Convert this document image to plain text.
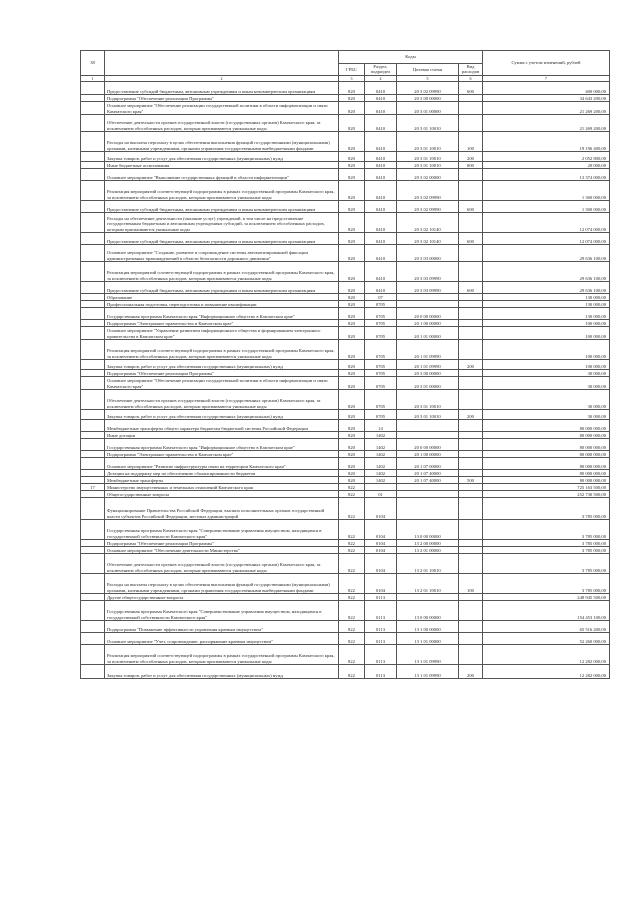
38		Коды				Сумма с учетом изменений, рублей
		ГРБС	Раздел, подраздел	Целевая статья	Вид расходов	
1	2	3	4	5	6	7
	Предоставление субсидий бюджетным, автономным учреждениям и иным некоммерческим организациям	820	0410	20 3 02 09990	600	400 000,00
	Подпрограмма "Обеспечение реализации Программы"	820	0410	20 3 00 00000		34 643 200,00
	Основное мероприятие "Обеспечение реализации государственной политики в области информатизации и связи Камчатского края"	820	0410	20 3 01 00000		21 269 200,00
	Обеспечение деятельности органов государственной власти (государственных органов) Камчатского края, за исключением обособленных расходов, которым присваиваются уникальные коды	820	0410	20 3 01 10010		21 269 200,00
	Расходы на выплаты персоналу в целях обеспечения выполнения функций государственными (муниципальными) органами, казенными учреждениями, органами управления государственными внебюджетными фондами	820	0410	20 3 01 10010	100	19 196 400,00
	Закупка товаров, работ и услуг для обеспечения государственных (муниципальных) нужд	820	0410	20 3 01 10010	200	2 052 800,00
	Иные бюджетные ассигнования	820	0410	20 3 01 10010	800	20 000,00
	Основное мероприятие "Выполнение государственных функций в области информатизации"	820	0410	20 3 02 00000		13 374 000,00
	Реализация мероприятий соответствующей подпрограммы в рамках государственной программы Камчатского края, за исключением обособленных расходов, которым присваиваются уникальные коды	820	0410	20 3 02 09990		1 300 000,00
	Предоставление субсидий бюджетным, автономным учреждениям и иным некоммерческим организациям	820	0410	20 3 02 09990	600	1 300 000,00
	Расходы на обеспечение деятельности (оказание услуг) учреждений, в том числе на предоставление государственным бюджетным и автономным учреждениям субсидий, за исключением обособленных расходов, которым присваиваются уникальные коды	820	0410	20 3 02 10140		12 074 000,00
	Предоставление субсидий бюджетным, автономным учреждениям и иным некоммерческим организациям	820	0410	20 3 02 10140	600	12 074 000,00
	Основное мероприятие "Создание, развитие и сопровождение системы автоматизированной фиксации административных правонарушений в области безопасности дорожного движения"	820	0410	20 3 03 00000		29 636 100,00
	Реализация мероприятий соответствующей подпрограммы в рамках государственной программы Камчатского края, за исключением обособленных расходов, которым присваиваются уникальные коды	820	0410	20 3 03 09990		29 636 100,00
	Предоставление субсидий бюджетным, автономным учреждениям и иным некоммерческим организациям	820	0410	20 3 03 09990	600	29 636 100,00
	Образование	820	07			130 000,00
	Профессиональная подготовка, переподготовка и повышение квалификации	820	0705			130 000,00
	Государственная программа Камчатского края "Информационное общество в Камчатском крае"	820	0705	20 0 00 00000		130 000,00
	Подпрограмма "Электронное правительство в Камчатском крае"	820	0705	20 1 00 00000		100 000,00
	Основное мероприятие "Управление развитием информационного общества и формированием электронного правительства в Камчатском крае"	820	0705	20 1 01 00000		100 000,00
	Реализация мероприятий соответствующей подпрограммы в рамках государственной программы Камчатского края, за исключением обособленных расходов, которым присваиваются уникальные коды	820	0705	20 1 01 09990		100 000,00
	Закупка товаров, работ и услуг для обеспечения государственных (муниципальных) нужд	820	0705	20 1 01 09990	200	100 000,00
	Подпрограмма "Обеспечение реализации Программы"	820	0705	20 3 00 00000		30 000,00
	Основное мероприятие "Обеспечение реализации государственной политики в области информатизации и связи Камчатского края"	820	0705	20 3 01 00000		30 000,00
	Обеспечение деятельности органов государственной власти (государственных органов) Камчатского края, за исключением обособленных расходов, которым присваиваются уникальные коды	820	0705	20 3 01 10010		30 000,00
	Закупка товаров, работ и услуг для обеспечения государственных (муниципальных) нужд	820	0705	20 3 01 10010	200	30 000,00
	Межбюджетные трансферты общего характера бюджетам бюджетной системы Российской Федерации	820	14			80 000 000,00
	Иные дотации	820	1402			80 000 000,00
	Государственная программа Камчатского края "Информационное общество в Камчатском крае"	820	1402	20 0 00 00000		80 000 000,00
	Подпрограмма "Электронное правительство в Камчатском крае"	820	1402	20 1 00 00000		80 000 000,00
	Основное мероприятие "Развитие инфраструктуры связи на территории Камчатского края"	820	1402	20 1 07 00000		80 000 000,00
	Дотации на поддержку мер по обеспечению сбалансированности бюджетов	820	1402	20 1 07 40000		80 000 000,00
	Межбюджетные трансферты	820	1402	20 1 07 40000	500	80 000 000,00
17	Министерство имущественных и земельных отношений Камчатского края	822				725 163 500,00
	Общегосударственные вопросы	822	01			252 730 500,00
	Функционирование Правительства Российской Федерации, высших исполнительных органов государственной власти субъектов Российской Федерации, местных администраций	822	0104			3 785 000,00
	Государственная программа Камчатского края "Совершенствование управления имуществом, находящимся в государственной собственности Камчатского края"	822	0104	13 0 00 00000		3 785 000,00
	Подпрограмма "Обеспечение реализации Программы"	822	0104	13 2 00 00000		3 785 000,00
	Основное мероприятие "Обеспечение деятельности Министерства"	822	0104	13 2 01 00000		3 785 000,00
	Обеспечение деятельности органов государственной власти (государственных органов) Камчатского края, за исключением обособленных расходов, которым присваиваются уникальные коды	822	0104	13 2 01 10010		3 785 000,00
	Расходы на выплаты персоналу в целях обеспечения выполнения функций государственными (муниципальными) органами, казенными учреждениями, органами управления государственными внебюджетными фондами	822	0104	13 2 01 10010	100	3 785 000,00
	Другие общегосударственные вопросы	822	0113			248 945 500,00
	Государственная программа Камчатского края "Совершенствование управления имуществом, находящимся в государственной собственности Камчатского края"	822	0113	13 0 00 00000		154 453 100,00
	Подпрограмма "Повышение эффективности управления краевым имуществом"	822	0113	13 1 00 00000		65 516 200,00
	Основное мероприятие "Учет, сопровождение, распоряжение краевым имуществом"	822	0113	13 1 01 00000		52 260 000,00
	Реализация мероприятий соответствующей подпрограммы в рамках государственной программы Камчатского края, за исключением обособленных расходов, которым присваиваются уникальные коды	822	0113	13 1 01 09990		12 282 000,00
	Закупка товаров, работ и услуг для обеспечения государственных (муниципальных) нужд	822	0113	13 1 01 09990	200	12 282 000,00
